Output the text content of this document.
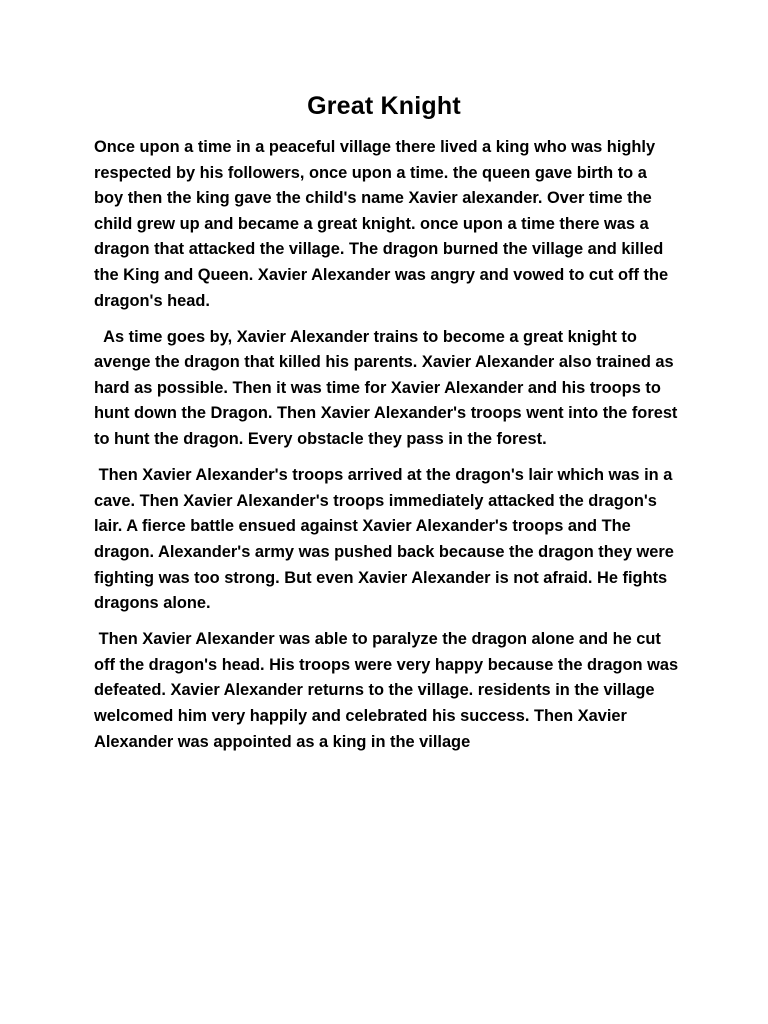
Great Knight

Once upon a time in a peaceful village there lived a king who was highly respected by his followers, once upon a time. the queen gave birth to a boy then the king gave the child's name Xavier alexander. Over time the child grew up and became a great knight. once upon a time there was a dragon that attacked the village. The dragon burned the village and killed the King and Queen. Xavier Alexander was angry and vowed to cut off the dragon's head.

As time goes by, Xavier Alexander trains to become a great knight to avenge the dragon that killed his parents. Xavier Alexander also trained as hard as possible. Then it was time for Xavier Alexander and his troops to hunt down the Dragon. Then Xavier Alexander's troops went into the forest to hunt the dragon. Every obstacle they pass in the forest.

Then Xavier Alexander's troops arrived at the dragon's lair which was in a cave. Then Xavier Alexander's troops immediately attacked the dragon's lair. A fierce battle ensued against Xavier Alexander's troops and The dragon. Alexander's army was pushed back because the dragon they were fighting was too strong. But even Xavier Alexander is not afraid. He fights dragons alone.

Then Xavier Alexander was able to paralyze the dragon alone and he cut off the dragon's head. His troops were very happy because the dragon was defeated. Xavier Alexander returns to the village. residents in the village welcomed him very happily and celebrated his success. Then Xavier Alexander was appointed as a king in the village
